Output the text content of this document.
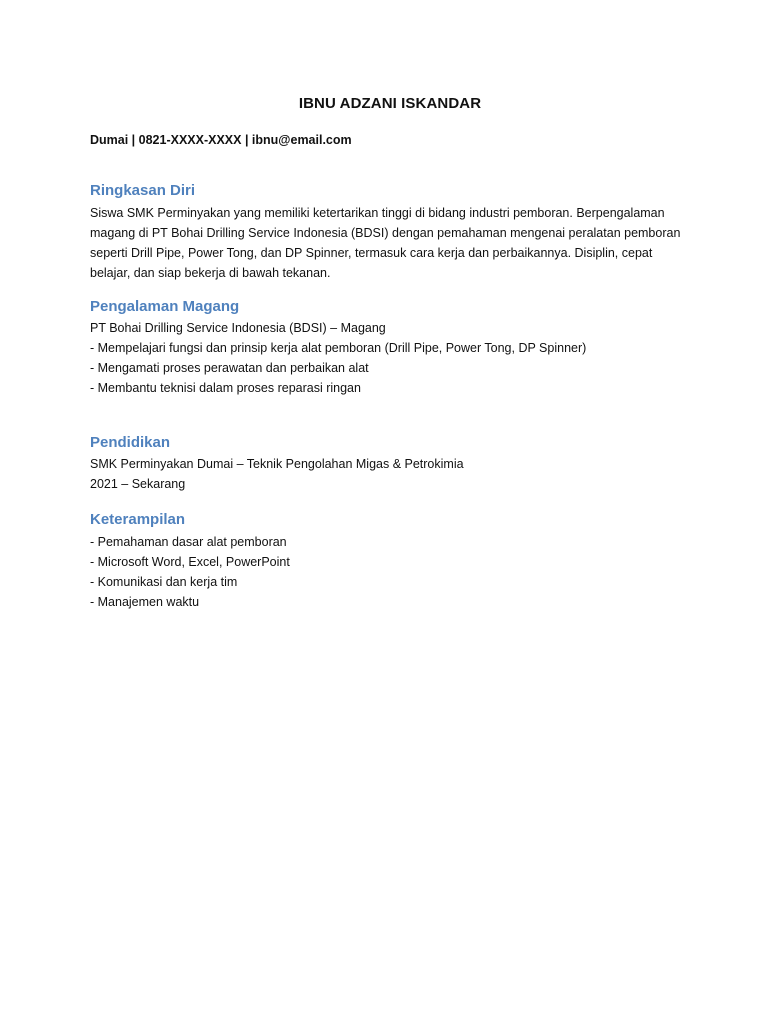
IBNU ADZANI ISKANDAR
Dumai | 0821-XXXX-XXXX | ibnu@email.com
Ringkasan Diri
Siswa SMK Perminyakan yang memiliki ketertarikan tinggi di bidang industri pemboran. Berpengalaman
magang di PT Bohai Drilling Service Indonesia (BDSI) dengan pemahaman mengenai peralatan pemboran
seperti Drill Pipe, Power Tong, dan DP Spinner, termasuk cara kerja dan perbaikannya. Disiplin, cepat
belajar, dan siap bekerja di bawah tekanan.
Pengalaman Magang
PT Bohai Drilling Service Indonesia (BDSI) – Magang
- Mempelajari fungsi dan prinsip kerja alat pemboran (Drill Pipe, Power Tong, DP Spinner)
- Mengamati proses perawatan dan perbaikan alat
- Membantu teknisi dalam proses reparasi ringan
Pendidikan
SMK Perminyakan Dumai – Teknik Pengolahan Migas & Petrokimia
2021 – Sekarang
Keterampilan
- Pemahaman dasar alat pemboran
- Microsoft Word, Excel, PowerPoint
- Komunikasi dan kerja tim
- Manajemen waktu
